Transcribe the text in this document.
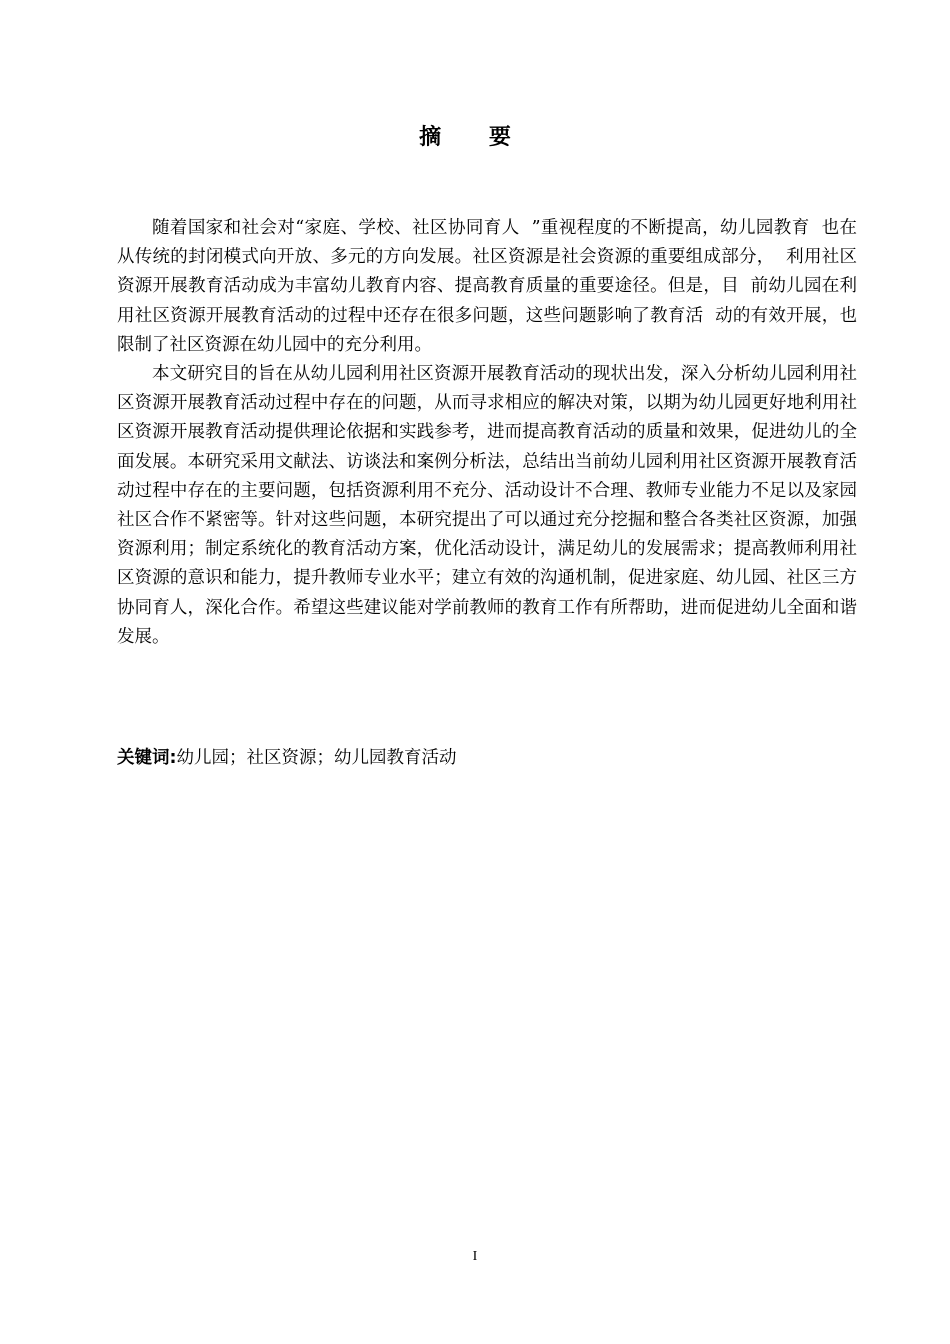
摘 要

随着国家和社会对“家庭、学校、社区协同育人  ”重视程度的不断提高，幼儿园教育  也在从传统的封闭模式向开放、多元的方向发展。社区资源是社会资源的重要组成部分，  利用社区资源开展教育活动成为丰富幼儿教育内容、提高教育质量的重要途径。但是，目  前幼儿园在利用社区资源开展教育活动的过程中还存在很多问题，这些问题影响了教育活  动的有效开展，也限制了社区资源在幼儿园中的充分利用。

本文研究目的旨在从幼儿园利用社区资源开展教育活动的现状出发，深入分析幼儿园利用社区资源开展教育活动过程中存在的问题，从而寻求相应的解决对策，以期为幼儿园更好地利用社区资源开展教育活动提供理论依据和实践参考，进而提高教育活动的质量和效果，促进幼儿的全面发展。本研究采用文献法、访谈法和案例分析法，总结出当前幼儿园利用社区资源开展教育活动过程中存在的主要问题，包括资源利用不充分、活动设计不合理、教师专业能力不足以及家园社区合作不紧密等。针对这些问题，本研究提出了可以通过充分挖掘和整合各类社区资源，加强资源利用；制定系统化的教育活动方案，优化活动设计，满足幼儿的发展需求；提高教师利用社区资源的意识和能力，提升教师专业水平；建立有效的沟通机制，促进家庭、幼儿园、社区三方协同育人，深化合作。希望这些建议能对学前教师的教育工作有所帮助，进而促进幼儿全面和谐发展。

关键词:幼儿园；社区资源；幼儿园教育活动
I
